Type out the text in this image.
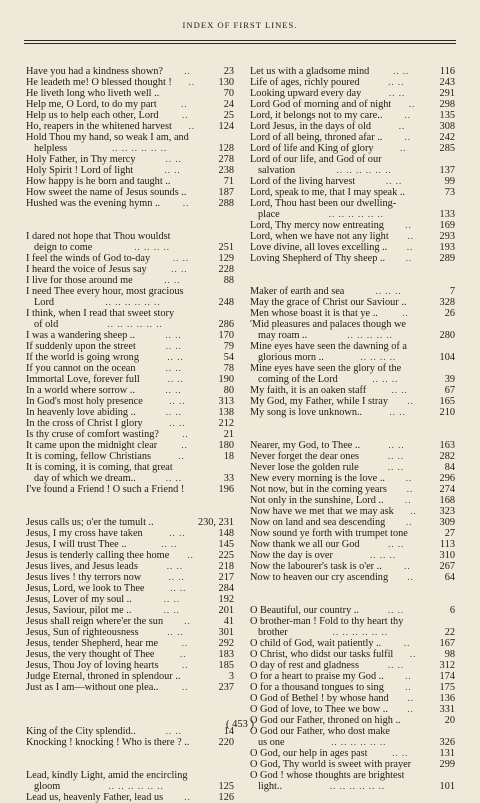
INDEX OF FIRST LINES.
Have you had a kindness shown?	..	23
He leadeth me! O blessed thought !	..	130
He liveth long who liveth well ..	70
Help me, O Lord, to do my part	..	24
Help us to help each other, Lord	..	25
Ho, reapers in the whitened harvest	..	124
Hold Thou my hand, so weak I am, and
helpless	.. .. .. .. .. ..	128
Holy Father, in Thy mercy	.. ..	278
Holy Spirit ! Lord of light	.. ..	238
How happy is he born and taught ..	71
How sweet the name of Jesus sounds ..	187
Hushed was the evening hymn ..	..	288
I dared not hope that Thou wouldst
deign to come	.. .. .. ..	251
I feel the winds of God to-day	.. ..	129
I heard the voice of Jesus say	.. ..	228
I live for those around me	.. ..	88
I need Thee every hour, most gracious
Lord	.. .. .. .. .. ..	248
I think, when I read that sweet story
of old	.. .. .. .. .. ..	286
I was a wandering sheep ..	.. ..	170
If suddenly upon the street	.. ..	79
If the world is going wrong	.. ..	54
If you cannot on the ocean	.. ..	78
Immortal Love, forever full	.. ..	190
In a world where sorrow ..	.. ..	80
In God's most holy presence	.. ..	313
In heavenly love abiding ..	.. ..	138
In the cross of Christ I glory	.. ..	212
Is thy cruse of comfort wasting?	..	21
It came upon the midnight clear	..	180
It is coming, fellow Christians	..	18
It is coming, it is coming, that great
day of which we dream..	.. ..	33
I've found a Friend ! O such a Friend !	196
Jesus calls us; o'er the tumult ..	230, 231
Jesus, I my cross have taken	.. ..	148
Jesus, I will trust Thee ..	.. ..	145
Jesus is tenderly calling thee home	..	225
Jesus lives, and Jesus leads	.. ..	218
Jesus lives ! thy terrors now	.. ..	217
Jesus, Lord, we look to Thee	.. ..	284
Jesus, Lover of my soul ..	.. ..	192
Jesus, Saviour, pilot me ..	.. ..	201
Jesus shall reign where'er the sun	..	41
Jesus, Sun of righteousness	.. ..	301
Jesus, tender Shepherd, hear me	..	292
Jesus, the very thought of Thee	..	183
Jesus, Thou Joy of loving hearts	..	185
Judge Eternal, throned in splendour ..	3
Just as I am—without one plea..	..	237
King of the City splendid..	.. ..	14
Knocking ! knocking ! Who is there ? ..	220
Lead, kindly Light, amid the encircling
gloom	.. .. .. .. .. ..	125
Lead us, heavenly Father, lead us	..	126
Let us with a gladsome mind	.. ..	116
Life of ages, richly poured	.. ..	243
Looking upward every day	.. ..	291
Lord God of morning and of night	..	298
Lord, it belongs not to my care..	..	135
Lord Jesus, in the days of old	..	308
Lord of all being, throned afar ..	..	242
Lord of life and King of glory	..	285
Lord of our life, and God of our
salvation	.. .. .. .. .. ..	137
Lord of the living harvest	.. ..	99
Lord, speak to me, that I may speak ..	73
Lord, Thou hast been our dwelling-
place	.. .. .. .. .. ..	133
Lord, Thy mercy now entreating	..	169
Lord, when we have not any light	..	293
Love divine, all loves excelling ..	..	193
Loving Shepherd of Thy sheep ..	..	289
Maker of earth and sea	.. .. ..	7
May the grace of Christ our Saviour ..	328
Men whose boast it is that ye ..	..	26
'Mid pleasures and palaces though we
may roam ..	.. .. .. .. ..	280
Mine eyes have seen the dawning of a
glorious morn ..	.. .. .. ..	104
Mine eyes have seen the glory of the
coming of the Lord	.. .. ..	39
My faith, it is an oaken staff	.. ..	67
My God, my Father, while I stray	..	165
My song is love unknown..	.. ..	210
Nearer, my God, to Thee ..	.. ..	163
Never forget the dear ones	.. ..	282
Never lose the golden rule	.. ..	84
New every morning is the love ..	..	296
Not now, but in the coming years	..	274
Not only in the sunshine, Lord ..	..	168
Now have we met that we may ask	..	323
Now on land and sea descending	..	309
Now sound ye forth with trumpet tone	27
Now thank we all our God	.. ..	113
Now the day is over	.. .. ..	310
Now the labourer's task is o'er ..	..	267
Now to heaven our cry ascending	..	64
O Beautiful, our country ..	.. ..	6
O brother-man ! Fold to thy heart thy
brother	.. .. .. .. .. ..	22
O child of God, wait patiently ..	..	167
O Christ, who didst our tasks fulfil	..	98
O day of rest and gladness	.. ..	312
O for a heart to praise my God ..	..	174
O for a thousand tongues to sing	..	175
O God of Bethel ! by whose hand	..	136
O God of love, to Thee we bow ..	..	331
O God our Father, throned on high ..	20
O God our Father, who dost make
us one	.. .. .. .. .. ..	326
O God, our help in ages past	.. ..	131
O God, Thy world is sweet with prayer	299
O God ! whose thoughts are brightest
light..	.. .. .. .. .. ..	101
( 453 )
